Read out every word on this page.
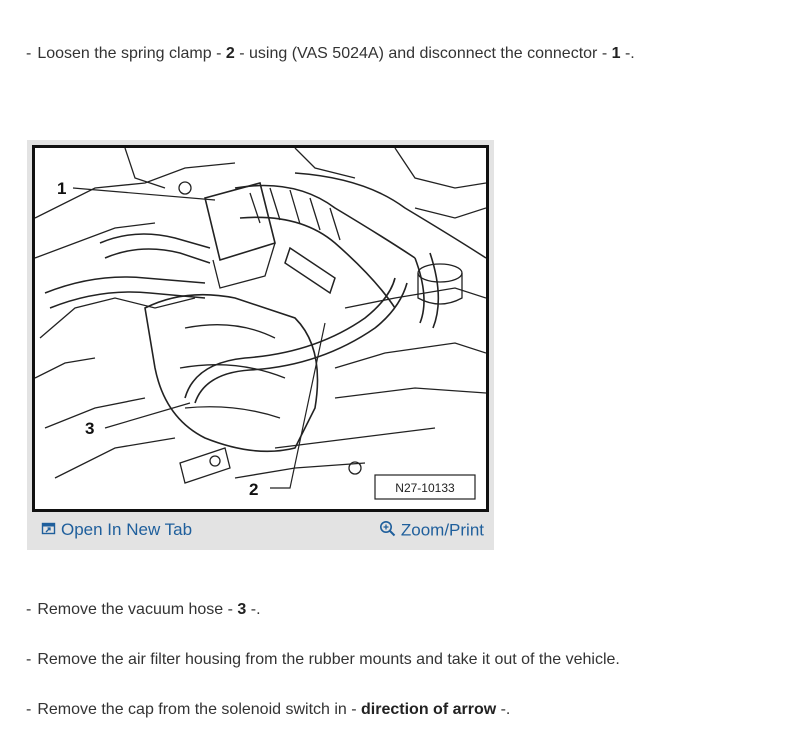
- Loosen the spring clamp - 2 - using (VAS 5024A) and disconnect the connector - 1 -.
1
2
3
N27-10133
Open In New Tab	Zoom/Print
- Remove the vacuum hose - 3 -.
- Remove the air filter housing from the rubber mounts and take it out of the vehicle.
- Remove the cap from the solenoid switch in - direction of arrow -.
